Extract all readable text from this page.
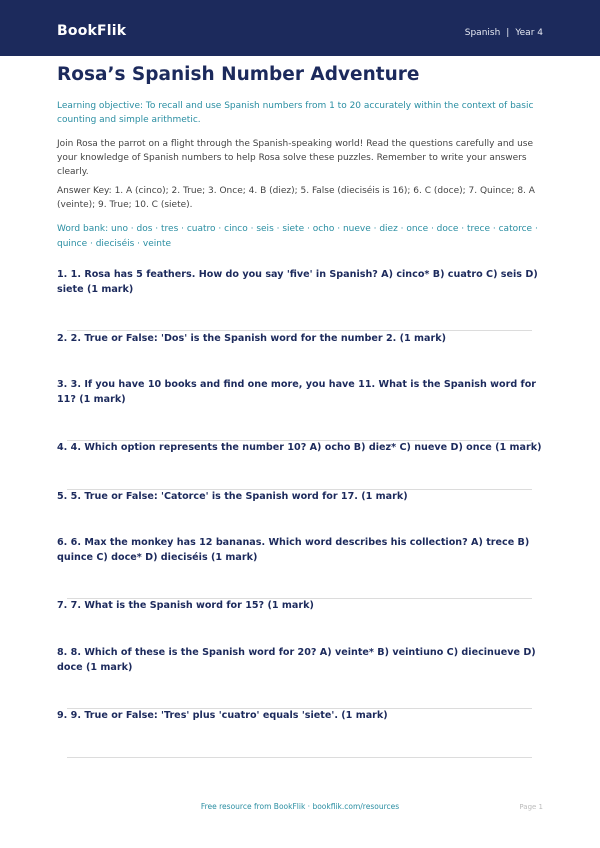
BookFlik	Spanish | Year 4
Rosa’s Spanish Number Adventure
Learning objective: To recall and use Spanish numbers from 1 to 20 accurately within the context of basic counting and simple arithmetic.
Join Rosa the parrot on a flight through the Spanish-speaking world! Read the questions carefully and use your knowledge of Spanish numbers to help Rosa solve these puzzles. Remember to write your answers clearly.
Answer Key: 1. A (cinco); 2. True; 3. Once; 4. B (diez); 5. False (dieciséis is 16); 6. C (doce); 7. Quince; 8. A (veinte); 9. True; 10. C (siete).
Word bank: uno · dos · tres · cuatro · cinco · seis · siete · ocho · nueve · diez · once · doce · trece · catorce · quince · dieciséis · veinte
1. 1. Rosa has 5 feathers. How do you say 'five' in Spanish? A) cinco* B) cuatro C) seis D) siete (1 mark)
2. 2. True or False: 'Dos' is the Spanish word for the number 2. (1 mark)
3. 3. If you have 10 books and find one more, you have 11. What is the Spanish word for 11? (1 mark)
4. 4. Which option represents the number 10? A) ocho B) diez* C) nueve D) once (1 mark)
5. 5. True or False: 'Catorce' is the Spanish word for 17. (1 mark)
6. 6. Max the monkey has 12 bananas. Which word describes his collection? A) trece B) quince C) doce* D) dieciséis (1 mark)
7. 7. What is the Spanish word for 15? (1 mark)
8. 8. Which of these is the Spanish word for 20? A) veinte* B) veintiuno C) diecinueve D) doce (1 mark)
9. 9. True or False: 'Tres' plus 'cuatro' equals 'siete'. (1 mark)
Free resource from BookFlik · bookflik.com/resources	Page 1
